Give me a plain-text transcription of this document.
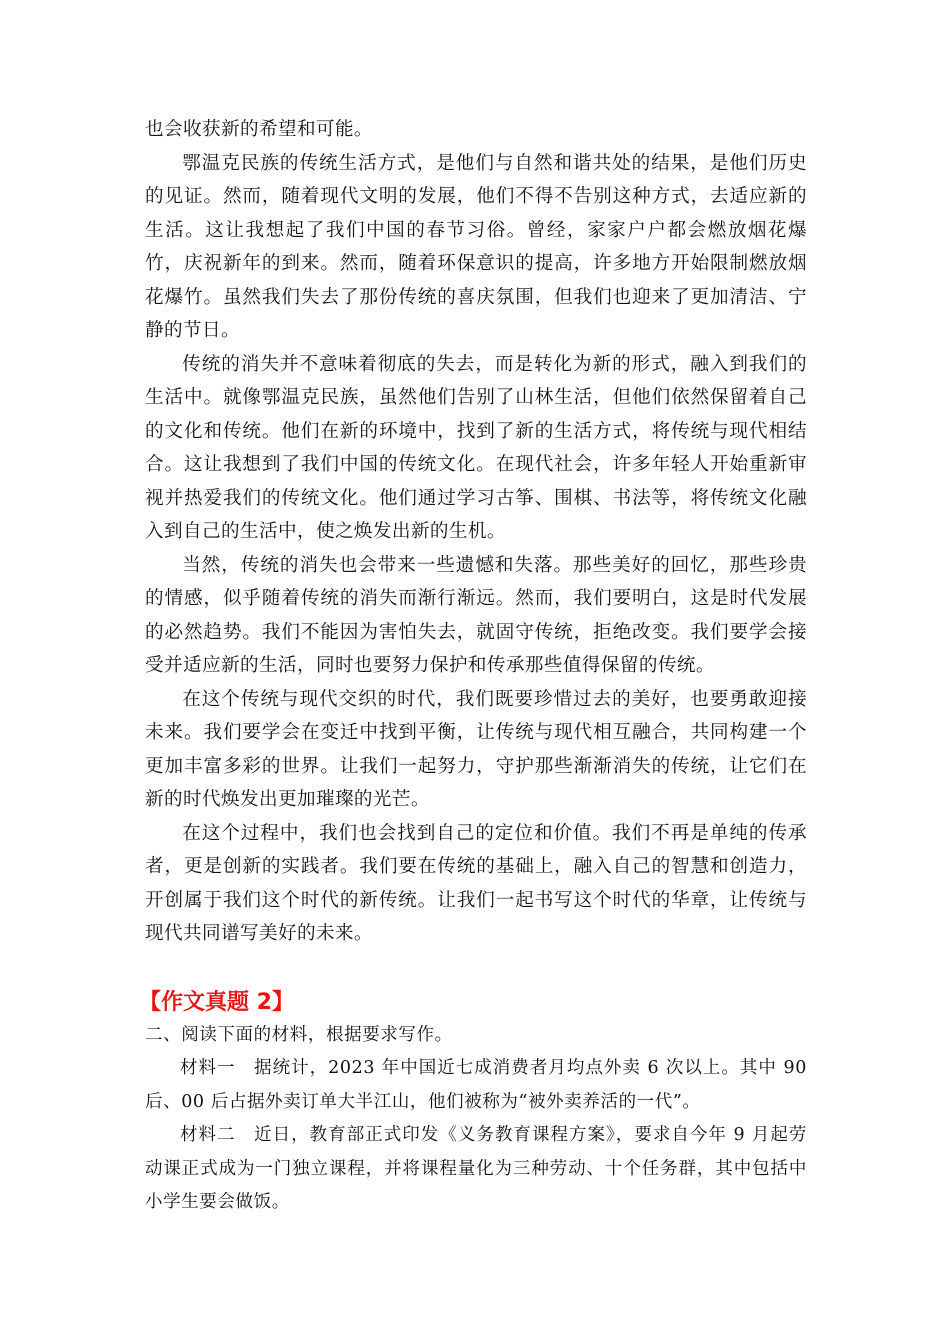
也会收获新的希望和可能。

鄂温克民族的传统生活方式，是他们与自然和谐共处的结果，是他们历史的见证。然而，随着现代文明的发展，他们不得不告别这种方式，去适应新的生活。这让我想起了我们中国的春节习俗。曾经，家家户户都会燃放烟花爆竹，庆祝新年的到来。然而，随着环保意识的提高，许多地方开始限制燃放烟花爆竹。虽然我们失去了那份传统的喜庆氛围，但我们也迎来了更加清洁、宁静的节日。

传统的消失并不意味着彻底的失去，而是转化为新的形式，融入到我们的生活中。就像鄂温克民族，虽然他们告别了山林生活，但他们依然保留着自己的文化和传统。他们在新的环境中，找到了新的生活方式，将传统与现代相结合。这让我想到了我们中国的传统文化。在现代社会，许多年轻人开始重新审视并热爱我们的传统文化。他们通过学习古筝、围棋、书法等，将传统文化融入到自己的生活中，使之焕发出新的生机。

当然，传统的消失也会带来一些遗憾和失落。那些美好的回忆，那些珍贵的情感，似乎随着传统的消失而渐行渐远。然而，我们要明白，这是时代发展的必然趋势。我们不能因为害怕失去，就固守传统，拒绝改变。我们要学会接受并适应新的生活，同时也要努力保护和传承那些值得保留的传统。

在这个传统与现代交织的时代，我们既要珍惜过去的美好，也要勇敢迎接未来。我们要学会在变迁中找到平衡，让传统与现代相互融合，共同构建一个更加丰富多彩的世界。让我们一起努力，守护那些渐渐消失的传统，让它们在新的时代焕发出更加璀璨的光芒。

在这个过程中，我们也会找到自己的定位和价值。我们不再是单纯的传承者，更是创新的实践者。我们要在传统的基础上，融入自己的智慧和创造力，开创属于我们这个时代的新传统。让我们一起书写这个时代的华章，让传统与现代共同谱写美好的未来。

【作文真题 2】

二、阅读下面的材料，根据要求写作。

材料一　据统计，2023 年中国近七成消费者月均点外卖 6 次以上。其中 90 后、00 后占据外卖订单大半江山，他们被称为“被外卖养活的一代”。

材料二　近日，教育部正式印发《义务教育课程方案》，要求自今年 9 月起劳动课正式成为一门独立课程，并将课程量化为三种劳动、十个任务群，其中包括中小学生要会做饭。
